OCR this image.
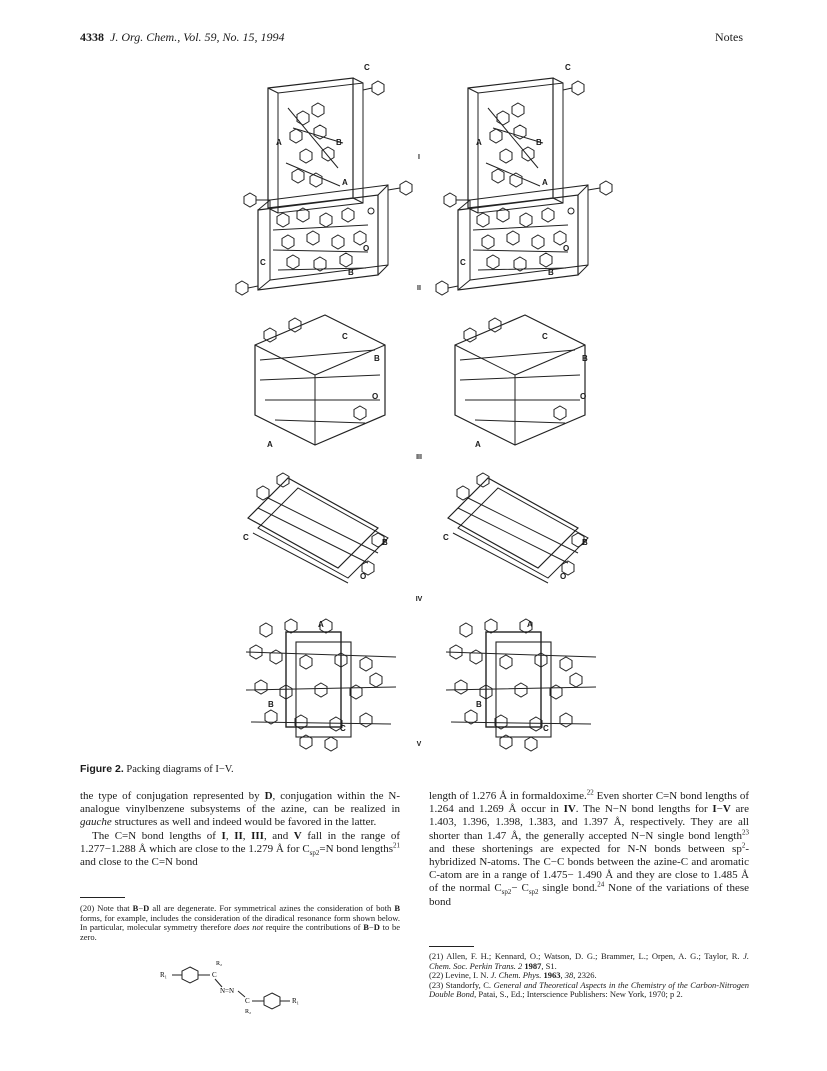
4338 J. Org. Chem., Vol. 59, No. 15, 1994	Notes
C	C
A	B	A	B
A	A
C	C
O	O
B	B
C	C
B	B
O	O
A	A
C	C
B	B
O	O
A	A
B	B
C	C
I
II
III
IV
V
Figure 2. Packing diagrams of I−V.

the type of conjugation represented by D, conjugation within the N-analogue vinylbenzene subsystems of the azine, can be realized in gauche structures as well and indeed would be favored in the latter.

The C=N bond lengths of I, II, III, and V fall in the range of 1.277−1.288 Å which are close to the 1.279 Å for $C_{sp2}=N$ bond lengths$^{21}$ and close to the C=N bond

length of 1.276 Å in formaldoxime.$^{22}$ Even shorter C=N bond lengths of 1.264 and 1.269 Å occur in IV. The N−N bond lengths for I−V are 1.403, 1.396, 1.398, 1.383, and 1.397 Å, respectively. They are all shorter than 1.47 Å, the generally accepted N−N single bond length$^{23}$ and these shortenings are expected for N-N bonds between $sp^2$-hybridized N-atoms. The C−C bonds between the azine-C and aromatic C-atom are in a range of 1.475− 1.490 Å and they are close to 1.485 Å of the normal $C_{sp2}- C_{sp2}$ single bond.$^{24}$ None of the variations of these bond

(20) Note that B−D all are degenerate. For symmetrical azines the consideration of both B forms, for example, includes the consideration of the diradical resonance form shown below. In particular, molecular symmetry therefore does not require the contributions of B−D to be zero.

R₁	C
R₂
N=N
C
R₂
R₁

(21) Allen, F. H.; Kennard, O.; Watson, D. G.; Brammer, L.; Orpen, A. G.; Taylor, R. J. Chem. Soc. Perkin Trans. 2 1987, S1.

(22) Levine, I. N. J. Chem. Phys. 1963, 38, 2326.

(23) Standorfy, C. General and Theoretical Aspects in the Chemistry of the Carbon-Nitrogen Double Bond, Patai, S., Ed.; Interscience Publishers: New York, 1970; p 2.
